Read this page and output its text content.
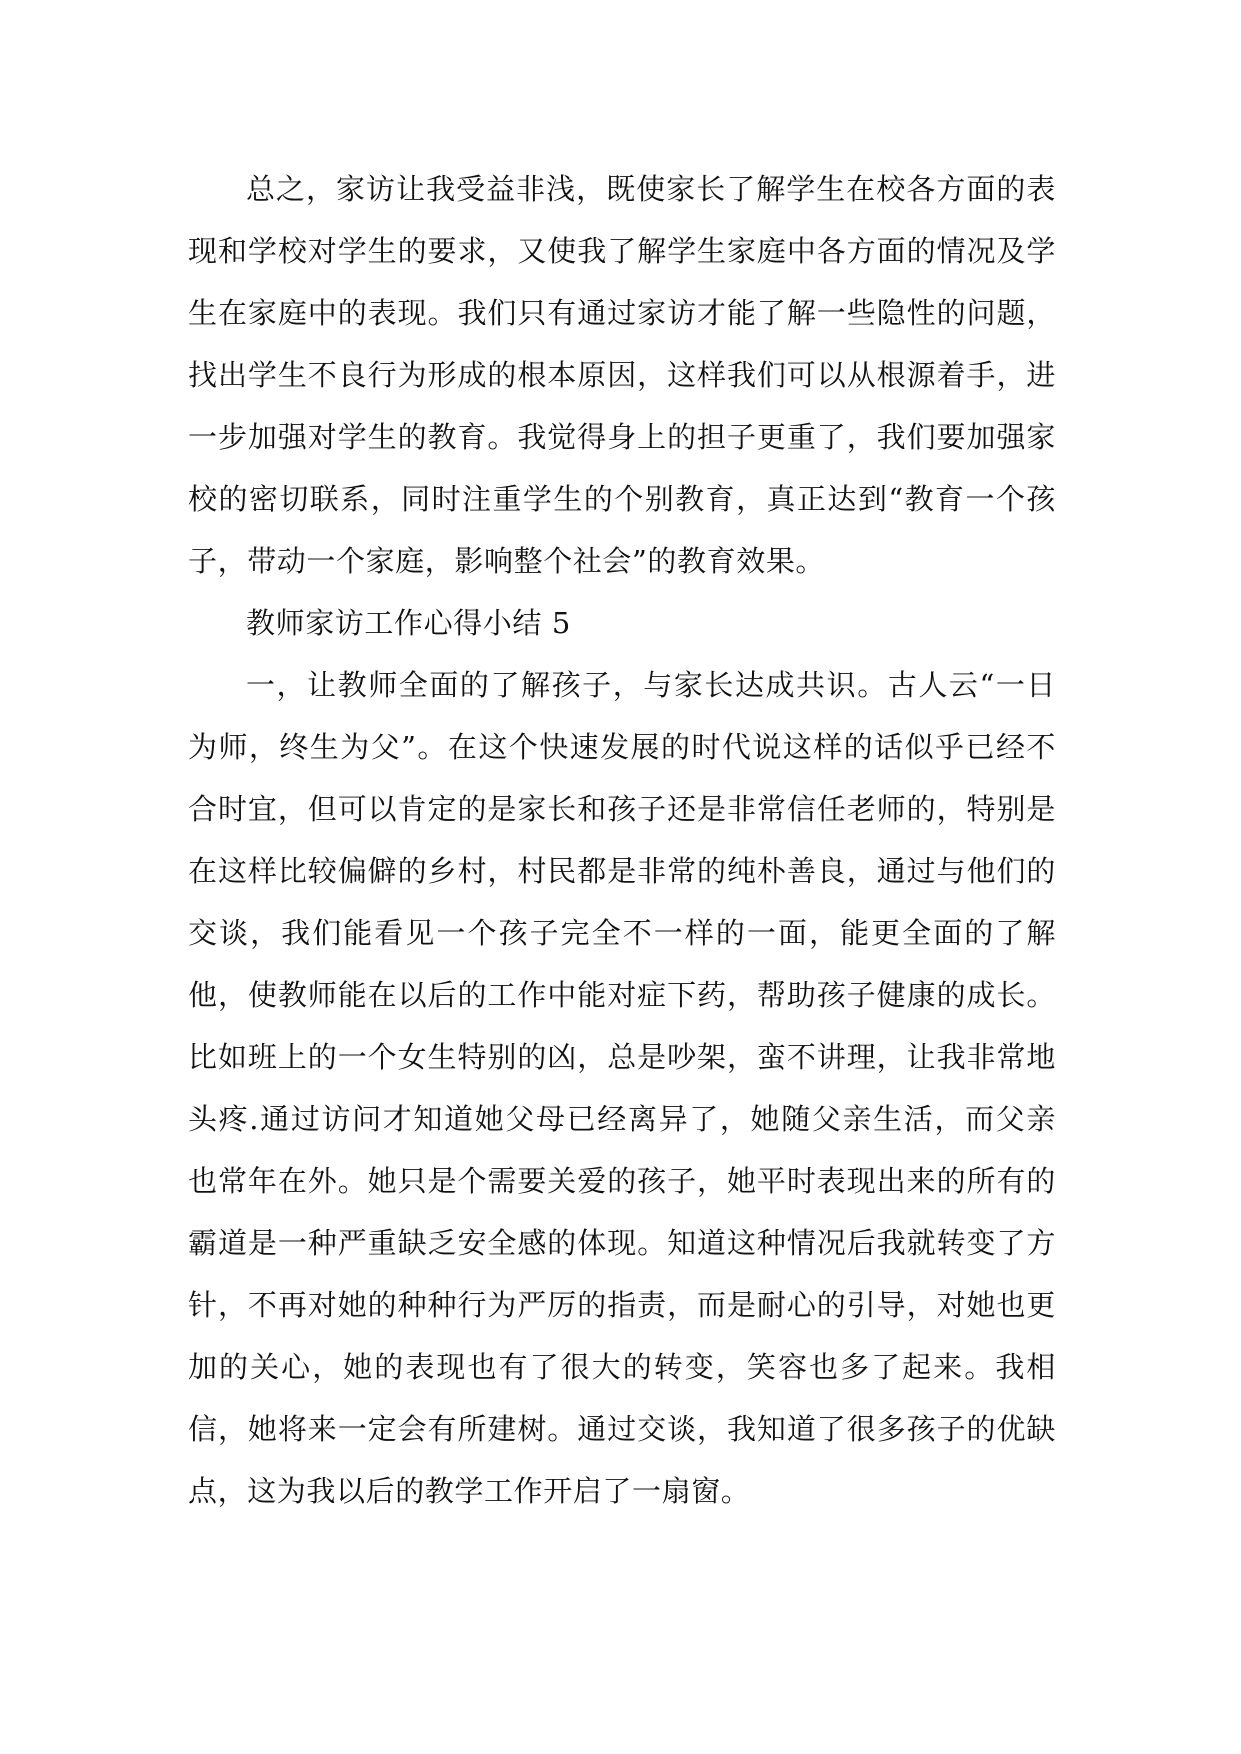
总之，家访让我受益非浅，既使家长了解学生在校各方面的表现和学校对学生的要求，又使我了解学生家庭中各方面的情况及学生在家庭中的表现。我们只有通过家访才能了解一些隐性的问题，找出学生不良行为形成的根本原因，这样我们可以从根源着手，进一步加强对学生的教育。我觉得身上的担子更重了，我们要加强家校的密切联系，同时注重学生的个别教育，真正达到“教育一个孩子，带动一个家庭，影响整个社会”的教育效果。

教师家访工作心得小结 5

一，让教师全面的了解孩子，与家长达成共识。古人云“一日为师，终生为父”。在这个快速发展的时代说这样的话似乎已经不合时宜，但可以肯定的是家长和孩子还是非常信任老师的，特别是在这样比较偏僻的乡村，村民都是非常的纯朴善良，通过与他们的交谈，我们能看见一个孩子完全不一样的一面，能更全面的了解他，使教师能在以后的工作中能对症下药，帮助孩子健康的成长。比如班上的一个女生特别的凶，总是吵架，蛮不讲理，让我非常地头疼.通过访问才知道她父母已经离异了，她随父亲生活，而父亲也常年在外。她只是个需要关爱的孩子，她平时表现出来的所有的霸道是一种严重缺乏安全感的体现。知道这种情况后我就转变了方针，不再对她的种种行为严厉的指责，而是耐心的引导，对她也更加的关心，她的表现也有了很大的转变，笑容也多了起来。我相信，她将来一定会有所建树。通过交谈，我知道了很多孩子的优缺点，这为我以后的教学工作开启了一扇窗。
